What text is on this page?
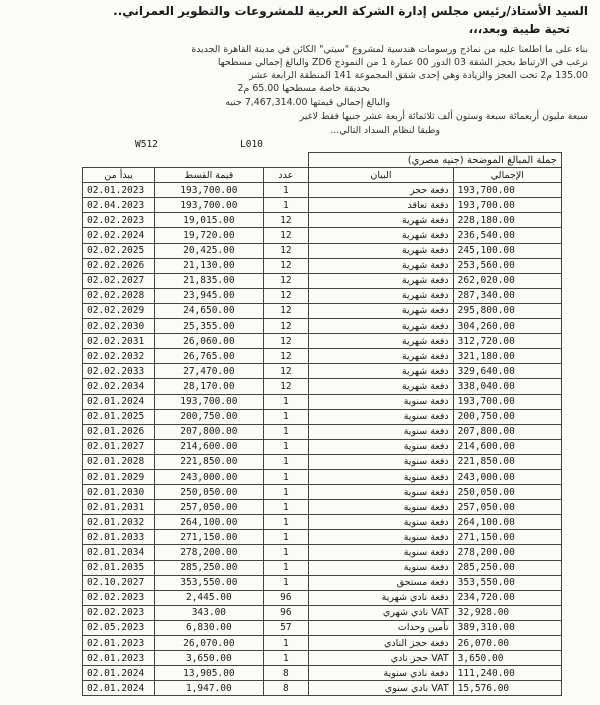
السيد الأستاذ/رئيس مجلس إدارة الشركة العربية للمشروعات والتطوير العمراني..
تحية طيبة وبعد،،،
بناء على ما اطلعنا عليه من نماذج ورسومات هندسية لمشروع "سيتي" الكائن في مدينة القاهرة الجديدة
نرغب في الارتباط بحجز الشقة 03 الدور 00 عمارة 1 من النموذج ZD6 والبالغ إجمالي مسطحها
135.00 م2 تحت العجز والزيادة وهي إحدى شقق المجموعة 141 المنطقة الرابعة عشر
بحديقة خاصة مسطحها 65.00 م2
والبالغ إجمالي قيمتها 7,467,314.00 جنيه
سبعة مليون أربعمائة سبعة وستون ألف ثلاثمائة أربعة عشر جنيها فقط لاغير
وطبقا لنظام السداد التالي...
W512	L010
			جملة المبالغ الموضحة (جنيه مصري)	
يبدأ من	قيمة القسط	عدد	البيان	الإجمالي
02.01.2023	193,700.00	1	دفعة حجز	193,700.00
02.04.2023	193,700.00	1	دفعة تعاقد	193,700.00
02.02.2023	19,015.00	12	دفعة شهرية	228,180.00
02.02.2024	19,720.00	12	دفعة شهرية	236,540.00
02.02.2025	20,425.00	12	دفعة شهرية	245,100.00
02.02.2026	21,130.00	12	دفعة شهرية	253,560.00
02.02.2027	21,835.00	12	دفعة شهرية	262,020.00
02.02.2028	23,945.00	12	دفعة شهرية	287,340.00
02.02.2029	24,650.00	12	دفعة شهرية	295,800.00
02.02.2030	25,355.00	12	دفعة شهرية	304,260.00
02.02.2031	26,060.00	12	دفعة شهرية	312,720.00
02.02.2032	26,765.00	12	دفعة شهرية	321,180.00
02.02.2033	27,470.00	12	دفعة شهرية	329,640.00
02.02.2034	28,170.00	12	دفعة شهرية	338,040.00
02.01.2024	193,700.00	1	دفعة سنوية	193,700.00
02.01.2025	200,750.00	1	دفعة سنوية	200,750.00
02.01.2026	207,800.00	1	دفعة سنوية	207,800.00
02.01.2027	214,600.00	1	دفعة سنوية	214,600.00
02.01.2028	221,850.00	1	دفعة سنوية	221,850.00
02.01.2029	243,000.00	1	دفعة سنوية	243,000.00
02.01.2030	250,050.00	1	دفعة سنوية	250,050.00
02.01.2031	257,050.00	1	دفعة سنوية	257,050.00
02.01.2032	264,100.00	1	دفعة سنوية	264,100.00
02.01.2033	271,150.00	1	دفعة سنوية	271,150.00
02.01.2034	278,200.00	1	دفعة سنوية	278,200.00
02.01.2035	285,250.00	1	دفعة سنوية	285,250.00
02.10.2027	353,550.00	1	دفعة مستحق	353,550.00
02.02.2023	2,445.00	96	دفعة نادي شهرية	234,720.00
02.02.2023	343.00	96	VAT نادي شهري	32,928.00
02.05.2023	6,830.00	57	تأمين وحدات	389,310.00
02.01.2023	26,070.00	1	دفعة حجز النادي	26,070.00
02.01.2023	3,650.00	1	VAT حجز نادي	3,650.00
02.01.2024	13,905.00	8	دفعة نادي سنوية	111,240.00
02.01.2024	1,947.00	8	VAT نادي سنوي	15,576.00
